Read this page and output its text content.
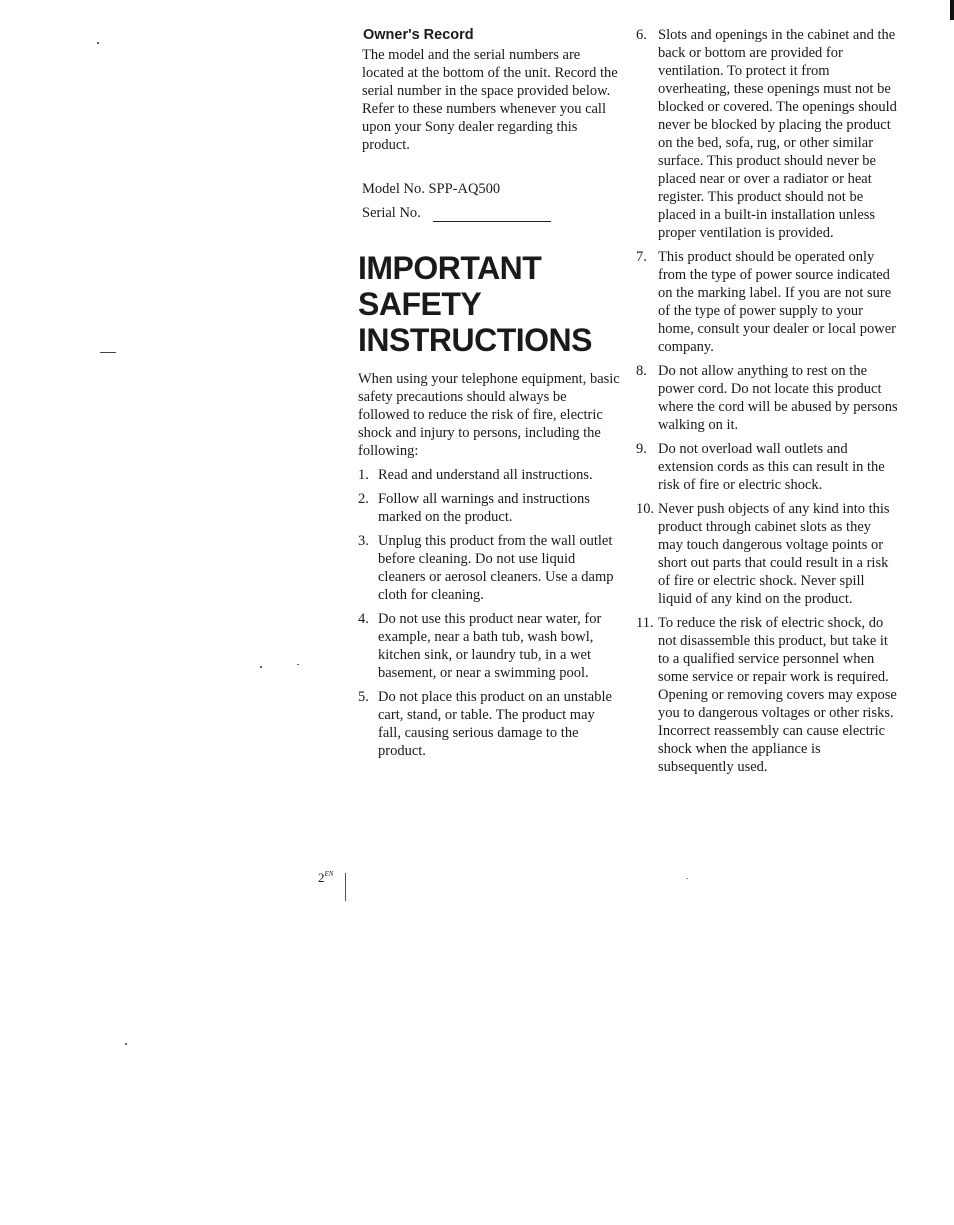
Owner's Record
The model and the serial numbers are located at the bottom of the unit. Record the serial number in the space provided below. Refer to these numbers whenever you call upon your Sony dealer regarding this product.
Model No. SPP-AQ500
Serial No.
IMPORTANT
SAFETY
INSTRUCTIONS
When using your telephone equipment, basic safety precautions should always be followed to reduce the risk of fire, electric shock and injury to persons, including the following:
1. Read and understand all instructions.
2. Follow all warnings and instructions marked on the product.
3. Unplug this product from the wall outlet before cleaning. Do not use liquid cleaners or aerosol cleaners. Use a damp cloth for cleaning.
4. Do not use this product near water, for example, near a bath tub, wash bowl, kitchen sink, or laundry tub, in a wet basement, or near a swimming pool.
5. Do not place this product on an unstable cart, stand, or table. The product may fall, causing serious damage to the product.
6. Slots and openings in the cabinet and the back or bottom are provided for ventilation. To protect it from overheating, these openings must not be blocked or covered. The openings should never be blocked by placing the product on the bed, sofa, rug, or other similar surface. This product should never be placed near or over a radiator or heat register. This product should not be placed in a built-in installation unless proper ventilation is provided.
7. This product should be operated only from the type of power source indicated on the marking label. If you are not sure of the type of power supply to your home, consult your dealer or local power company.
8. Do not allow anything to rest on the power cord. Do not locate this product where the cord will be abused by persons walking on it.
9. Do not overload wall outlets and extension cords as this can result in the risk of fire or electric shock.
10. Never push objects of any kind into this product through cabinet slots as they may touch dangerous voltage points or short out parts that could result in a risk of fire or electric shock. Never spill liquid of any kind on the product.
11. To reduce the risk of electric shock, do not disassemble this product, but take it to a qualified service personnel when some service or repair work is required. Opening or removing covers may expose you to dangerous voltages or other risks. Incorrect reassembly can cause electric shock when the appliance is subsequently used.
$2^{EN}$
